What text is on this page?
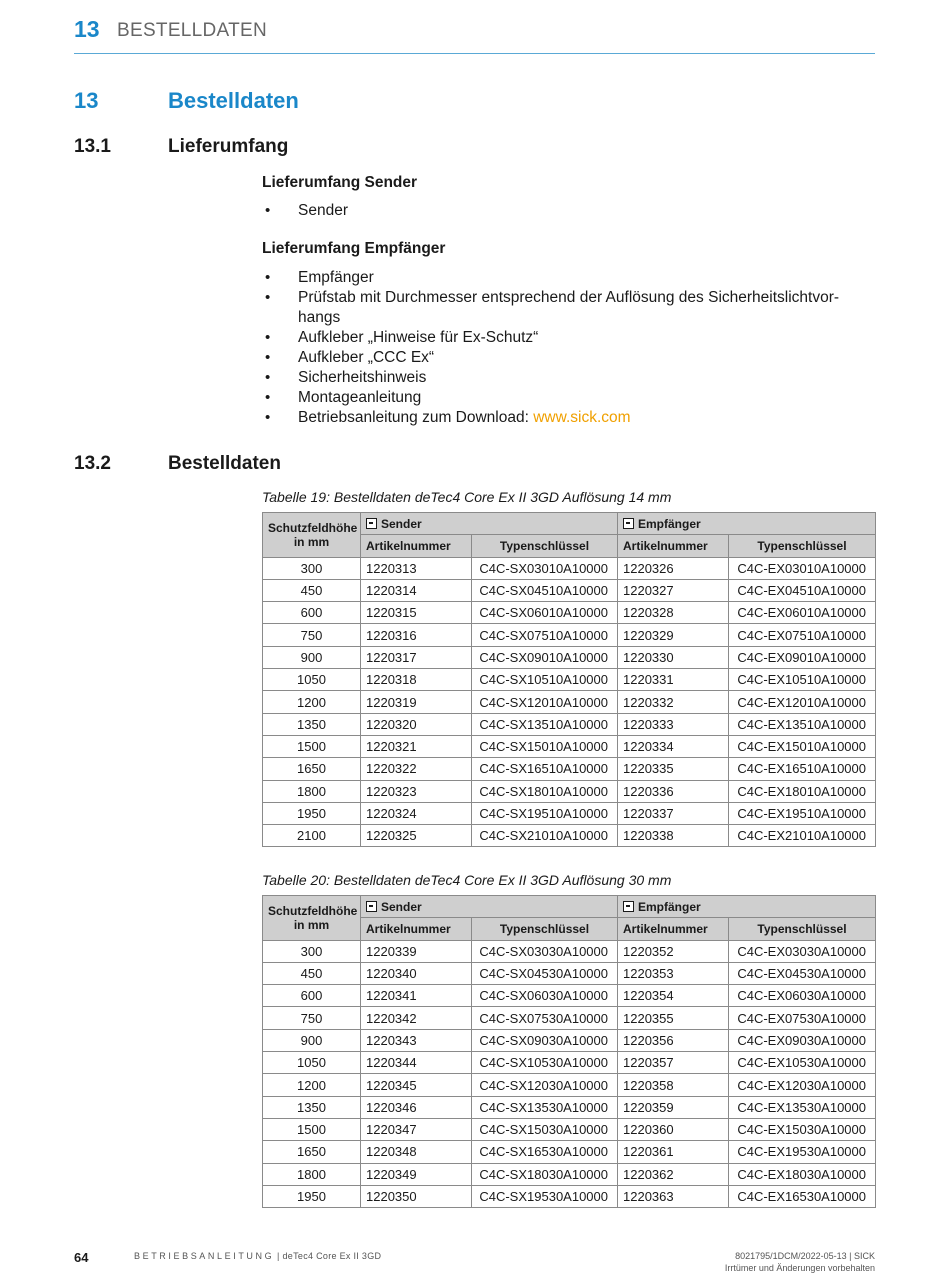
13 BESTELLDATEN
13	Bestelldaten
13.1	Lieferumfang
Lieferumfang Sender
• Sender
Lieferumfang Empfänger
• Empfänger
• Prüfstab mit Durchmesser entsprechend der Auflösung des Sicherheitslichtvor-
hangs
• Aufkleber „Hinweise für Ex-Schutz“
• Aufkleber „CCC Ex“
• Sicherheitshinweis
• Montageanleitung
• Betriebsanleitung zum Download: www.sick.com
13.2	Bestelldaten
Tabelle 19: Bestelldaten deTec4 Core Ex II 3GD Auflösung 14 mm
Schutzfeldhöhe
in mm	Sender		Empfänger	
	Artikelnummer	Typenschlüssel	Artikelnummer	Typenschlüssel
300	1220313	C4C-SX03010A10000	1220326	C4C-EX03010A10000
450	1220314	C4C-SX04510A10000	1220327	C4C-EX04510A10000
600	1220315	C4C-SX06010A10000	1220328	C4C-EX06010A10000
750	1220316	C4C-SX07510A10000	1220329	C4C-EX07510A10000
900	1220317	C4C-SX09010A10000	1220330	C4C-EX09010A10000
1050	1220318	C4C-SX10510A10000	1220331	C4C-EX10510A10000
1200	1220319	C4C-SX12010A10000	1220332	C4C-EX12010A10000
1350	1220320	C4C-SX13510A10000	1220333	C4C-EX13510A10000
1500	1220321	C4C-SX15010A10000	1220334	C4C-EX15010A10000
1650	1220322	C4C-SX16510A10000	1220335	C4C-EX16510A10000
1800	1220323	C4C-SX18010A10000	1220336	C4C-EX18010A10000
1950	1220324	C4C-SX19510A10000	1220337	C4C-EX19510A10000
2100	1220325	C4C-SX21010A10000	1220338	C4C-EX21010A10000
Tabelle 20: Bestelldaten deTec4 Core Ex II 3GD Auflösung 30 mm
Schutzfeldhöhe
in mm	Sender		Empfänger	
	Artikelnummer	Typenschlüssel	Artikelnummer	Typenschlüssel
300	1220339	C4C-SX03030A10000	1220352	C4C-EX03030A10000
450	1220340	C4C-SX04530A10000	1220353	C4C-EX04530A10000
600	1220341	C4C-SX06030A10000	1220354	C4C-EX06030A10000
750	1220342	C4C-SX07530A10000	1220355	C4C-EX07530A10000
900	1220343	C4C-SX09030A10000	1220356	C4C-EX09030A10000
1050	1220344	C4C-SX10530A10000	1220357	C4C-EX10530A10000
1200	1220345	C4C-SX12030A10000	1220358	C4C-EX12030A10000
1350	1220346	C4C-SX13530A10000	1220359	C4C-EX13530A10000
1500	1220347	C4C-SX15030A10000	1220360	C4C-EX15030A10000
1650	1220348	C4C-SX16530A10000	1220361	C4C-EX19530A10000
1800	1220349	C4C-SX18030A10000	1220362	C4C-EX18030A10000
1950	1220350	C4C-SX19530A10000	1220363	C4C-EX16530A10000
64	BETRIEBSANLEITUNG | deTec4 Core Ex II 3GD	8021795/1DCM/2022-05-13 | SICK
Irrtümer und Änderungen vorbehalten
